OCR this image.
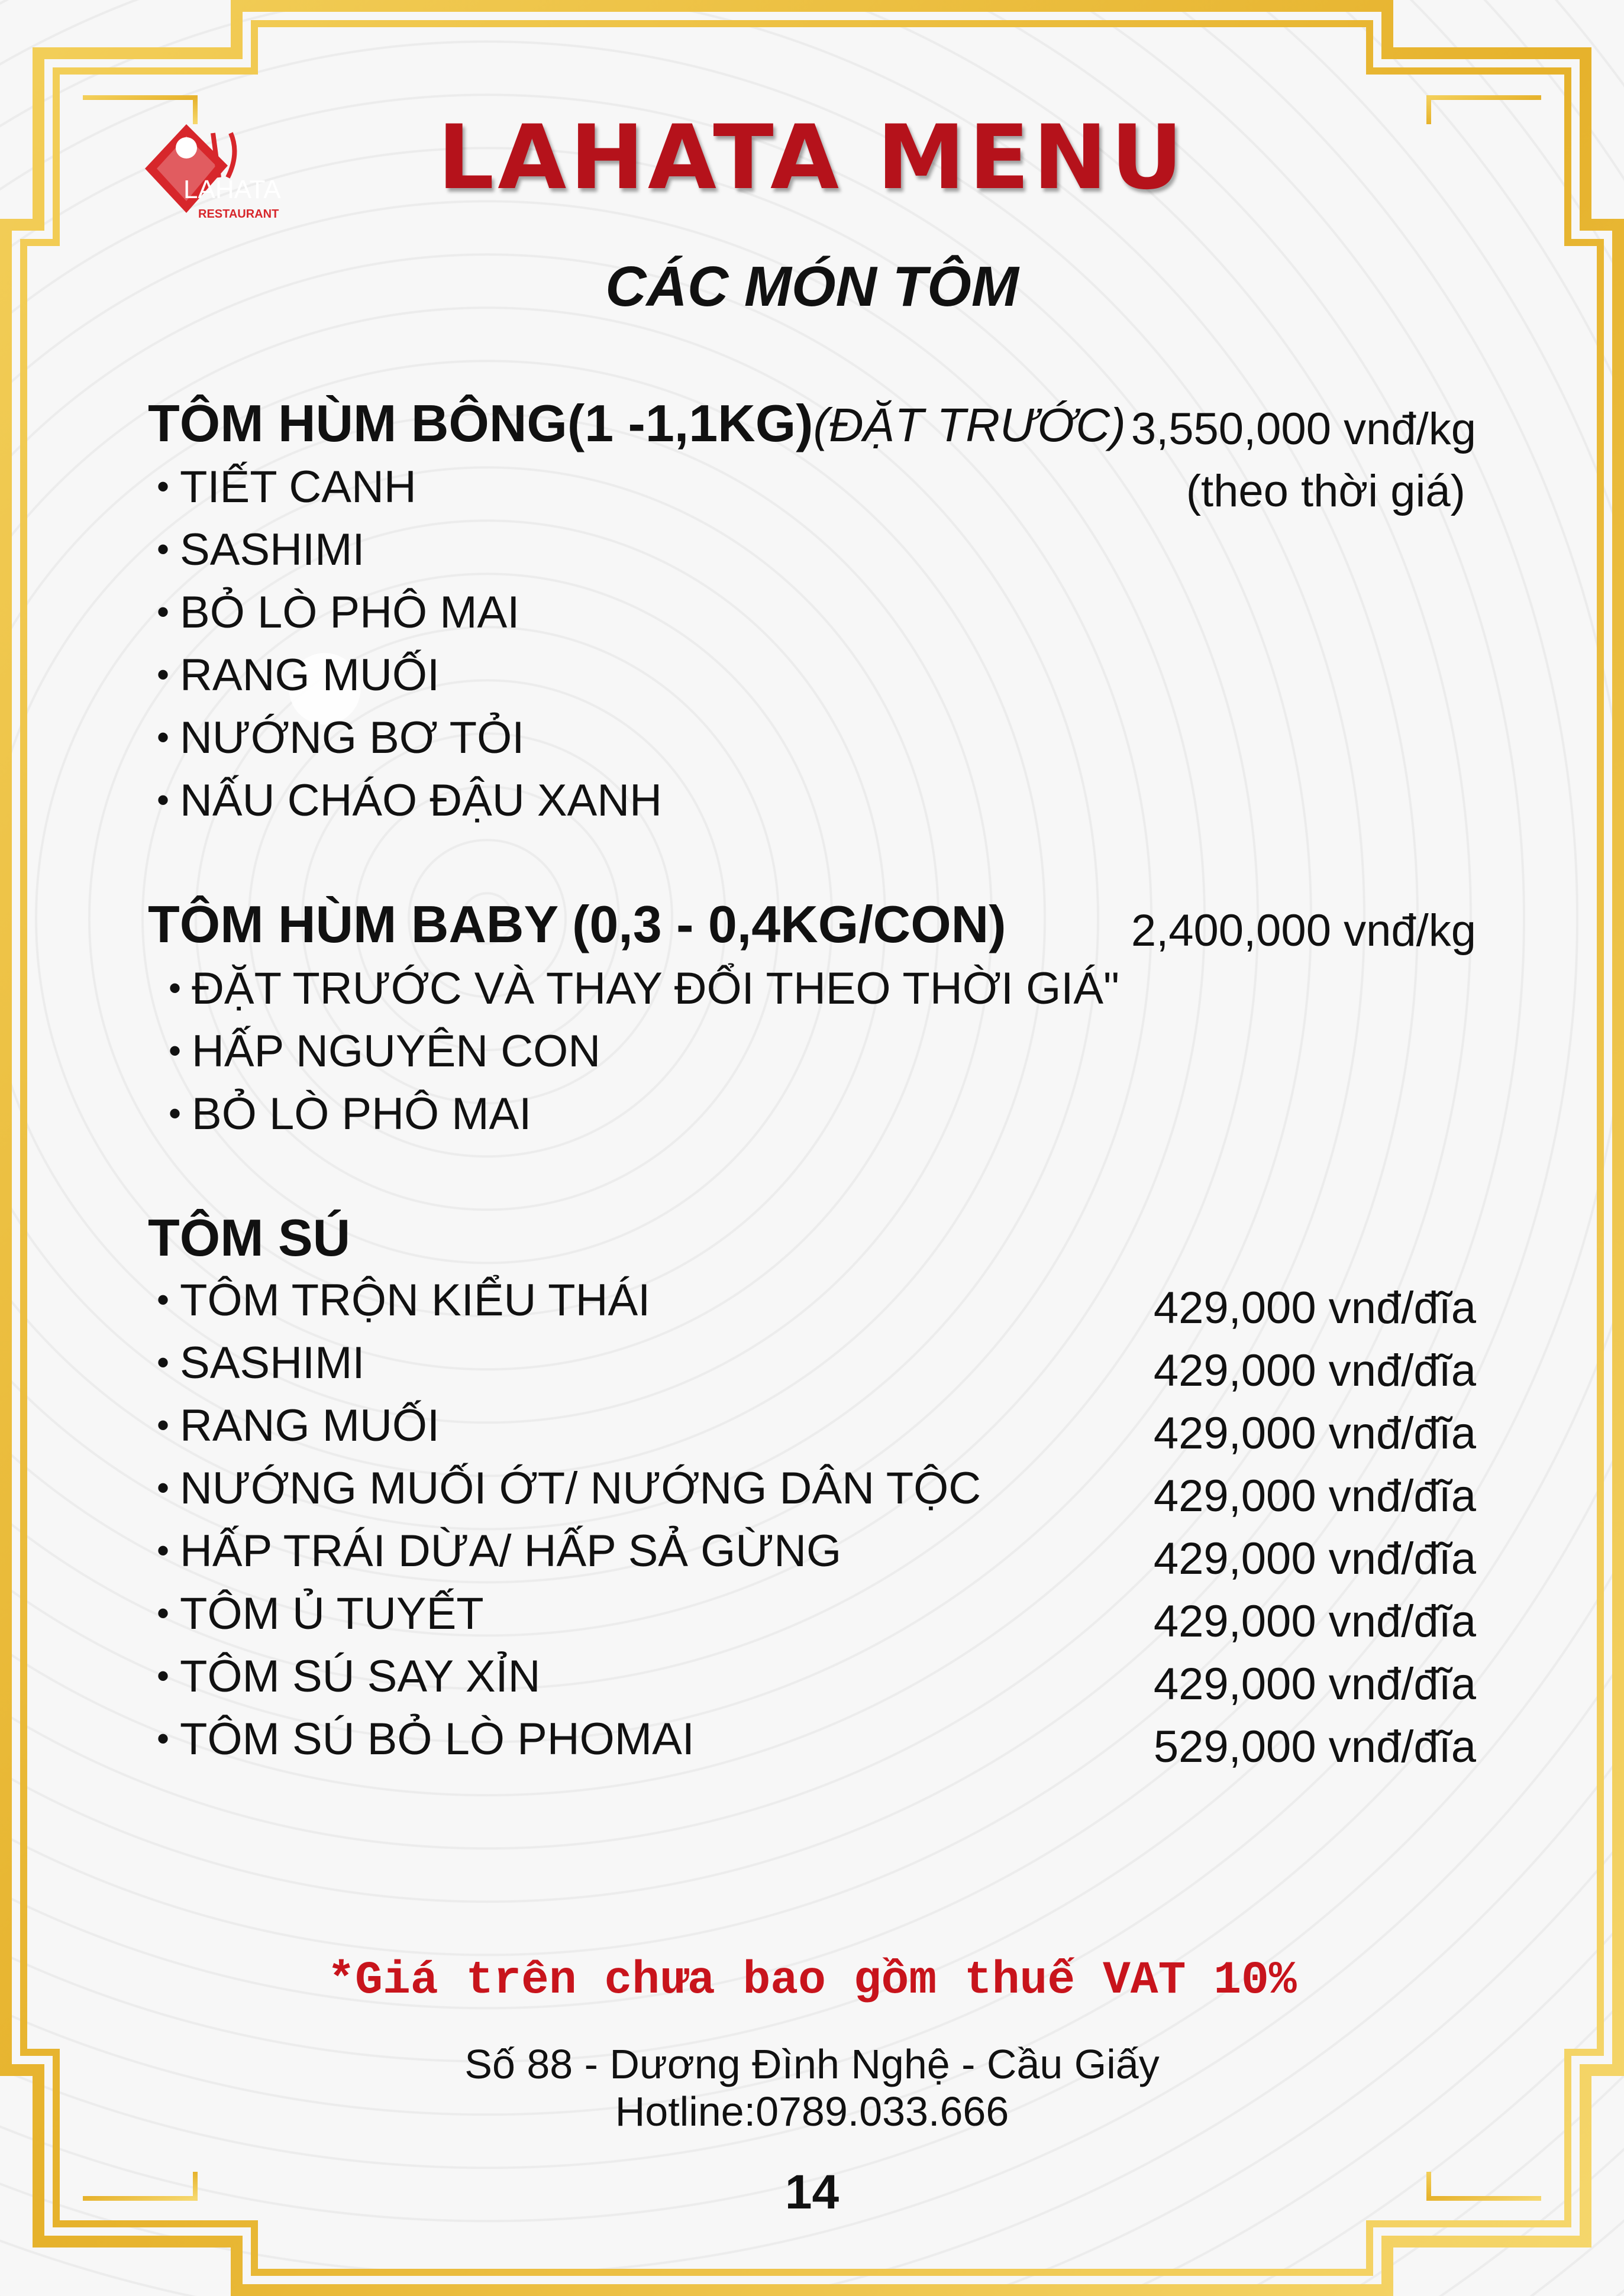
LAHATA
RESTAURANT
LAHATA MENU
CÁC MÓN TÔM
TÔM HÙM BÔNG(1 -1,1KG)(ĐẶT TRƯỚC) 3,550,000 vnđ/kg
(theo thời giá)
• TIẾT CANH
• SASHIMI
• BỎ LÒ PHÔ MAI
• RANG MUỐI
• NƯỚNG BƠ TỎI
• NẤU CHÁO ĐẬU XANH
TÔM HÙM BABY (0,3 - 0,4KG/CON)	2,400,000 vnđ/kg
• ĐẶT TRƯỚC VÀ THAY ĐỔI THEO THỜI GIÁ"
• HẤP NGUYÊN CON
• BỎ LÒ PHÔ MAI
TÔM SÚ
• TÔM TRỘN KIỂU THÁI	429,000 vnđ/đĩa
• SASHIMI	429,000 vnđ/đĩa
• RANG MUỐI	429,000 vnđ/đĩa
• NƯỚNG MUỐI ỚT/ NƯỚNG DÂN TỘC	429,000 vnđ/đĩa
• HẤP TRÁI DỪA/ HẤP SẢ GỪNG	429,000 vnđ/đĩa
• TÔM Ủ TUYẾT	429,000 vnđ/đĩa
• TÔM SÚ SAY XỈN	429,000 vnđ/đĩa
• TÔM SÚ BỎ LÒ PHOMAI	529,000 vnđ/đĩa
*Giá trên chưa bao gồm thuế VAT 10%
Số 88 - Dương Đình Nghệ - Cầu Giấy
Hotline:0789.033.666
14
